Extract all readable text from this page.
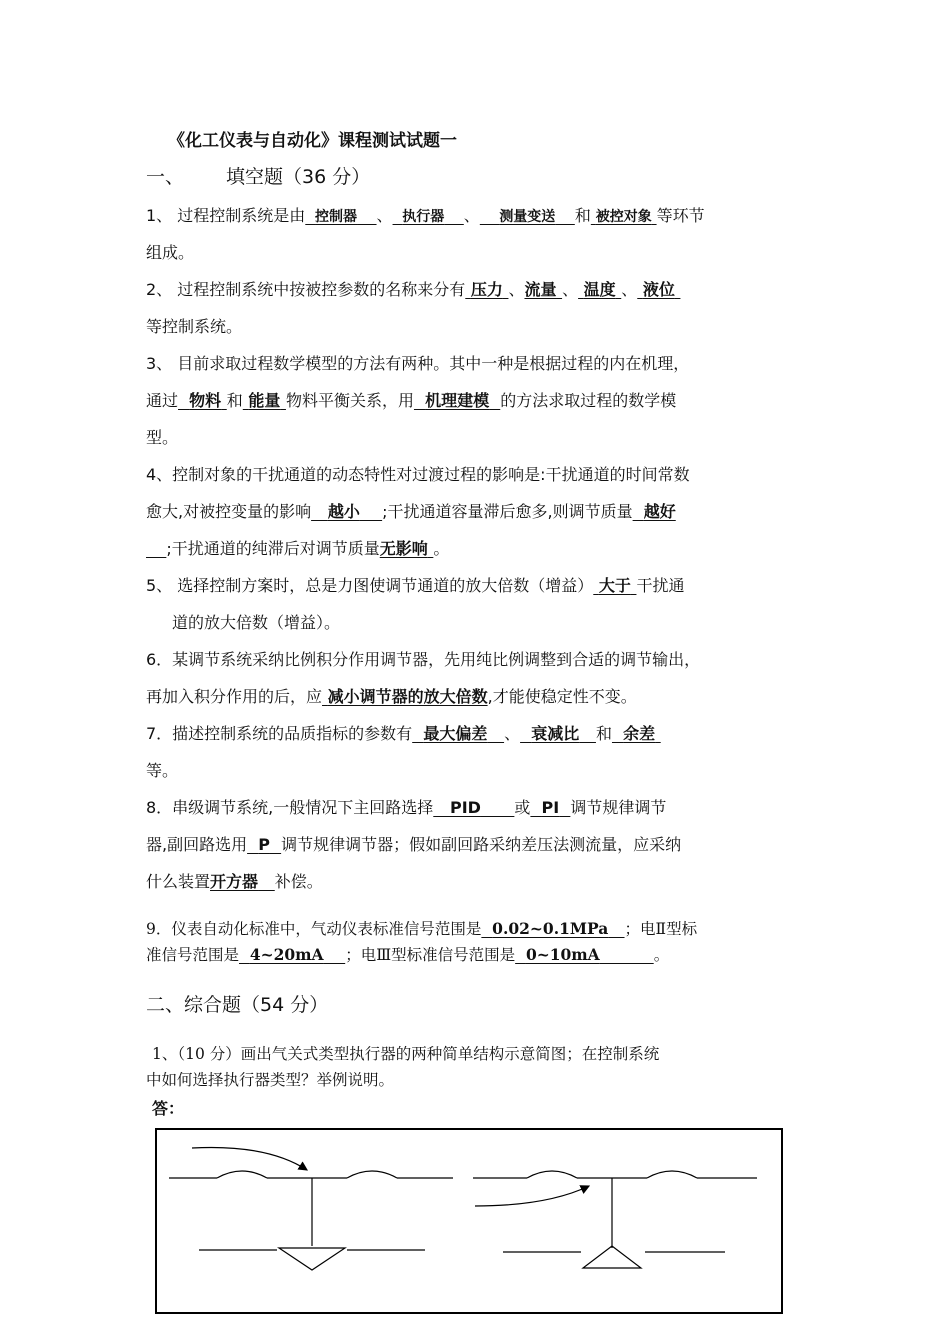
《化工仪表与自动化》课程测试试题一
一、 填空题（36 分）
1、 过程控制系统是由 控制器 、 执行器 、 测量变送 和 被控对象 等环节
组成。
2、 过程控制系统中按被控参数的名称来分有 压力 、流量 、 温度 、 液位
等控制系统。
3、 目前求取过程数学模型的方法有两种。其中一种是根据过程的内在机理，
通过 物料 和 能量 物料平衡关系，用 机理建模 的方法求取过程的数学模
型。
4、控制对象的干扰通道的动态特性对过渡过程的影响是:干扰通道的时间常数
愈大,对被控变量的影响 越小 ;干扰通道容量滞后愈多,则调节质量 越好
;干扰通道的纯滞后对调节质量无影响 。
5、 选择控制方案时，总是力图使调节通道的放大倍数（增益） 大于 干扰通
道的放大倍数（增益）。
6．某调节系统采纳比例积分作用调节器，先用纯比例调整到合适的调节输出，
再加入积分作用的后，应 减小调节器的放大倍数,才能使稳定性不变。
7．描述控制系统的品质指标的参数有 最大偏差 、 衰减比 和 余差
等。
8．串级调节系统,一般情况下主回路选择 PID 或 PI 调节规律调节
器,副回路选用 P 调节规律调节器；假如副回路采纳差压法测流量，应采纳
什么装置开方器 补偿。
9．仪表自动化标准中，气动仪表标准信号范围是 0.02~0.1MPa ；电Ⅱ型标
准信号范围是 4~20mA ；电Ⅲ型标准信号范围是 0~10mA	。
二、综合题（54 分）
1、（10 分）画出气关式类型执行器的两种简单结构示意简图；在控制系统
中如何选择执行器类型？举例说明。
答：
